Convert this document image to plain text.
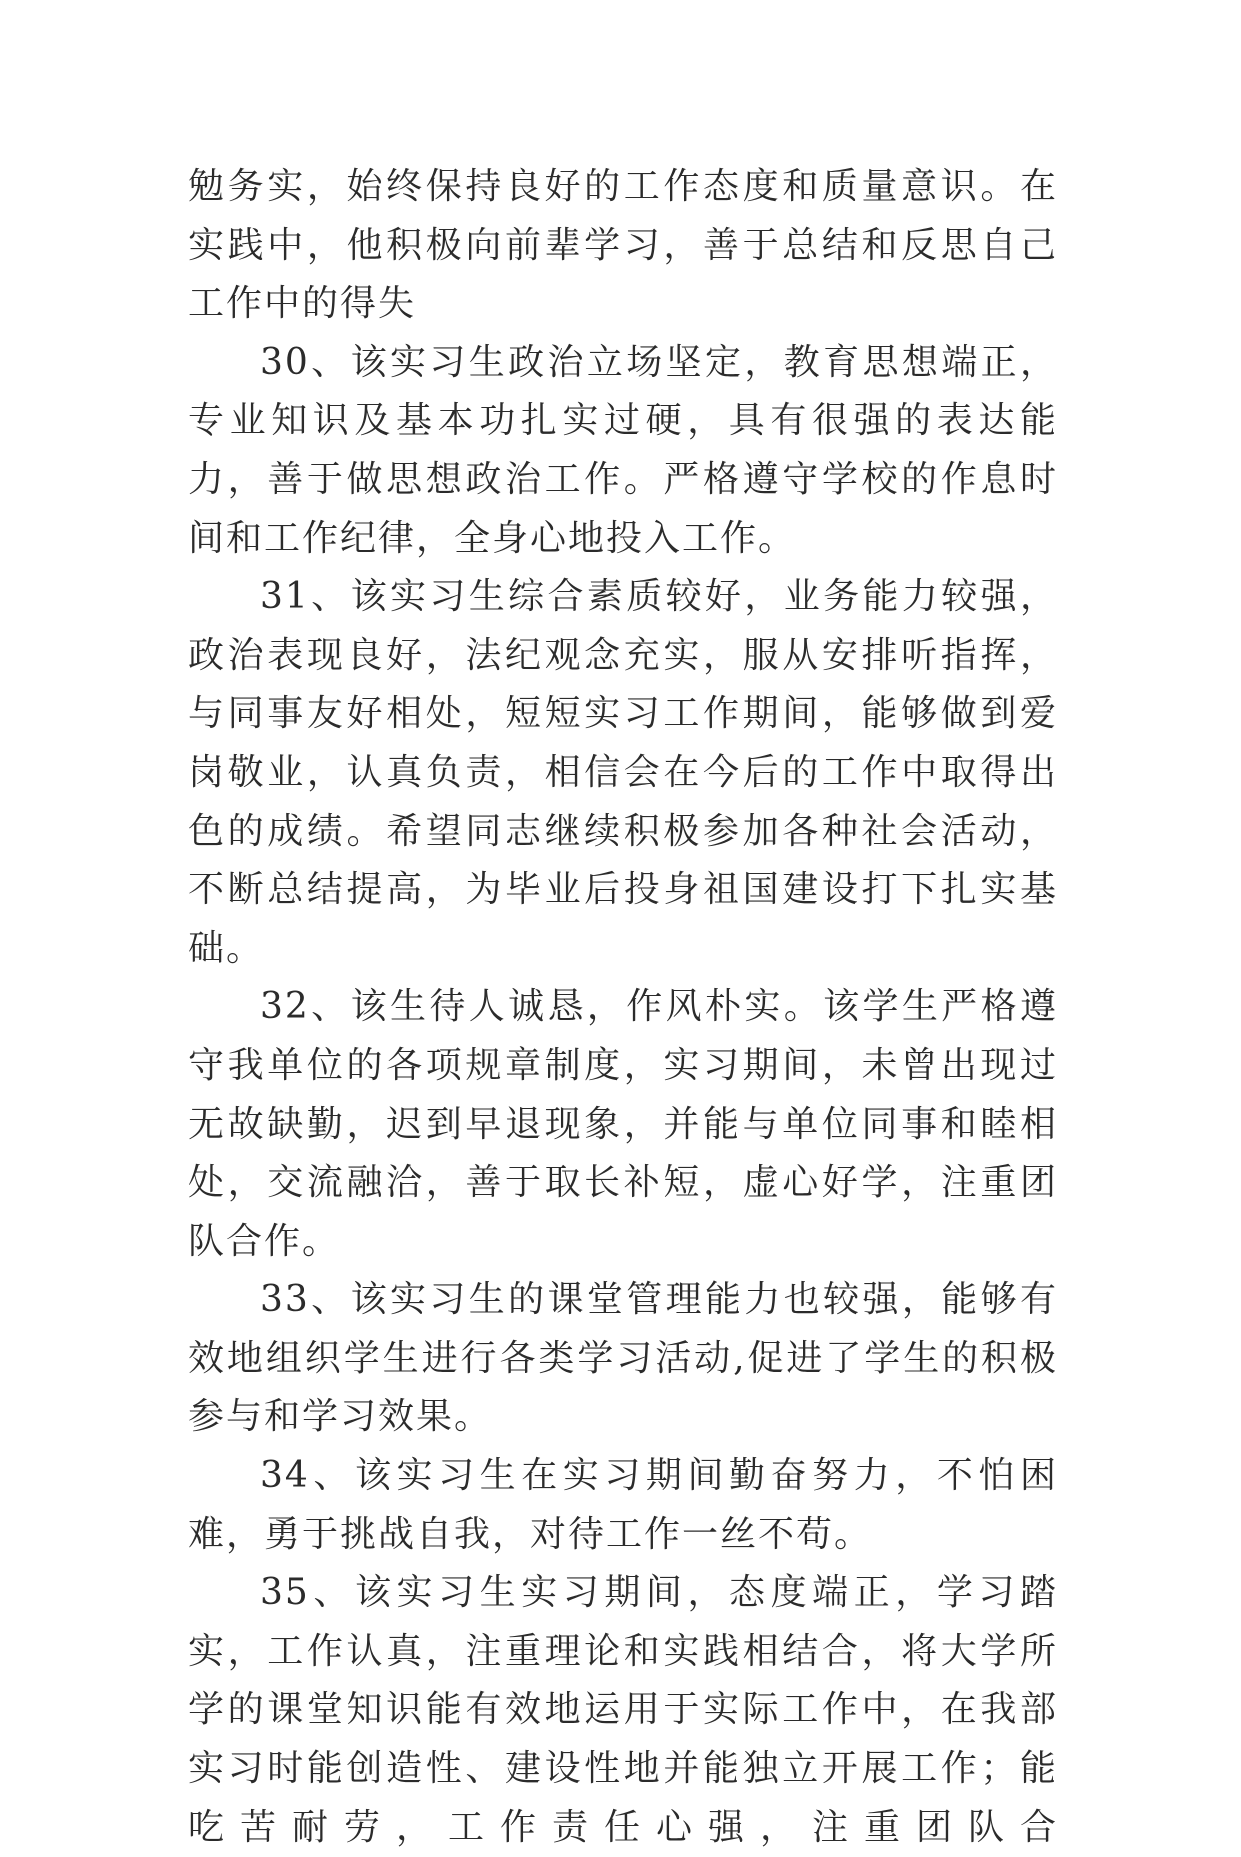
勉务实，始终保持良好的工作态度和质量意识。在实践中，他积极向前辈学习，善于总结和反思自己工作中的得失

30、该实习生政治立场坚定，教育思想端正，专业知识及基本功扎实过硬，具有很强的表达能力，善于做思想政治工作。严格遵守学校的作息时间和工作纪律，全身心地投入工作。

31、该实习生综合素质较好，业务能力较强，政治表现良好，法纪观念充实，服从安排听指挥，与同事友好相处，短短实习工作期间，能够做到爱岗敬业，认真负责，相信会在今后的工作中取得出色的成绩。希望同志继续积极参加各种社会活动，不断总结提高，为毕业后投身祖国建设打下扎实基础。

32、该生待人诚恳，作风朴实。该学生严格遵守我单位的各项规章制度，实习期间，未曾出现过无故缺勤，迟到早退现象，并能与单位同事和睦相处，交流融洽，善于取长补短，虚心好学，注重团队合作。

33、该实习生的课堂管理能力也较强，能够有效地组织学生进行各类学习活动,促进了学生的积极参与和学习效果。

34、该实习生在实习期间勤奋努力，不怕困难，勇于挑战自我，对待工作一丝不苟。

35、该实习生实习期间，态度端正，学习踏实，工作认真，注重理论和实践相结合，将大学所学的课堂知识能有效地运用于实际工作中，在我部实习时能创造性、建设性地并能独立开展工作；能吃苦耐劳，工作责任心强，注重团队合
